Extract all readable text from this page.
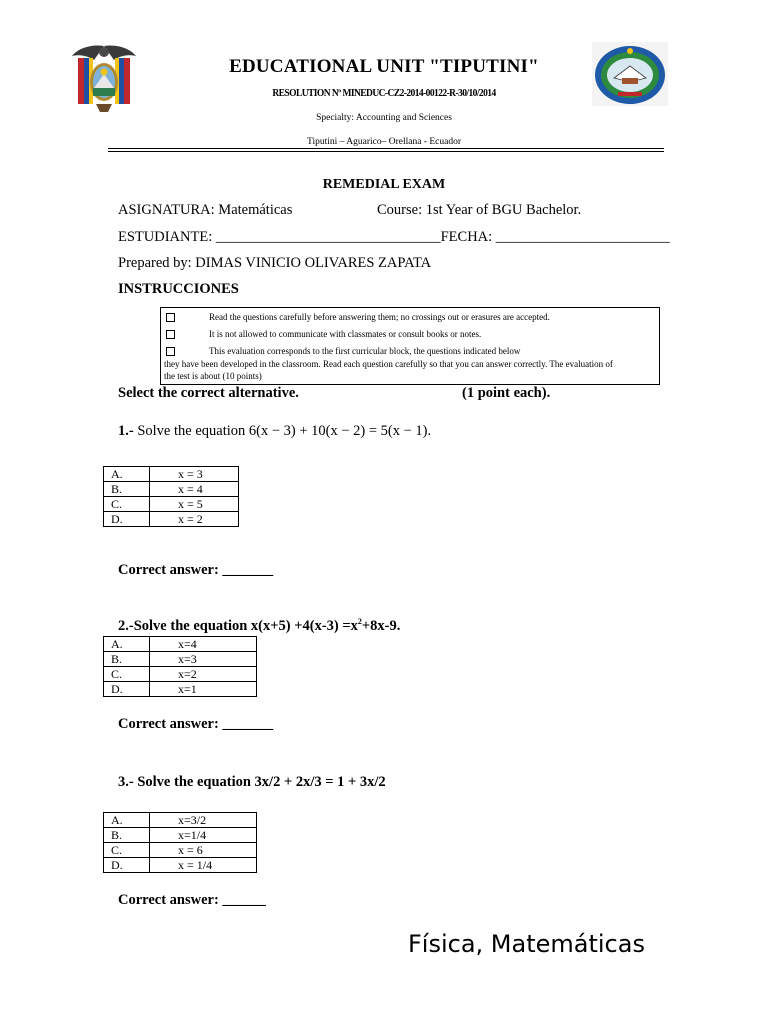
EDUCATIONAL UNIT "TIPUTINI"
RESOLUTION Nº MINEDUC-CZ2-2014-00122-R-30/10/2014
Specialty: Accounting and Sciences
Tiputini – Aguarico– Orellana - Ecuador
REMEDIAL EXAM
ASIGNATURA: Matemáticas	Course: 1st Year of BGU Bachelor.
ESTUDIANTE: _______________________________FECHA: ________________________
Prepared by: DIMAS VINICIO OLIVARES ZAPATA
INSTRUCCIONES
Read the questions carefully before answering them; no crossings out or erasures are accepted.
It is not allowed to communicate with classmates or consult books or notes.
This evaluation corresponds to the first curricular block, the questions indicated below
they have been developed in the classroom. Read each question carefully so that you can answer correctly. The evaluation of
the test is about (10 points)
Select the correct alternative.	(1 point each).
1.- Solve the equation 6(x − 3) + 10(x − 2) = 5(x − 1).
A.	x = 3
B.	x = 4
C.	x = 5
D.	x = 2
Correct answer: _______
2.-Solve the equation $x(x+5) +4(x-3) =x^2+8x-9$.
A.	x=4
B.	x=3
C.	x=2
D.	x=1
Correct answer: _______
3.- Solve the equation 3x/2 + 2x/3 = 1 + 3x/2
A.	x=3/2
B.	x=1/4
C.	x = 6
D.	x = 1/4
Correct answer: ______
Física, Matemáticas
